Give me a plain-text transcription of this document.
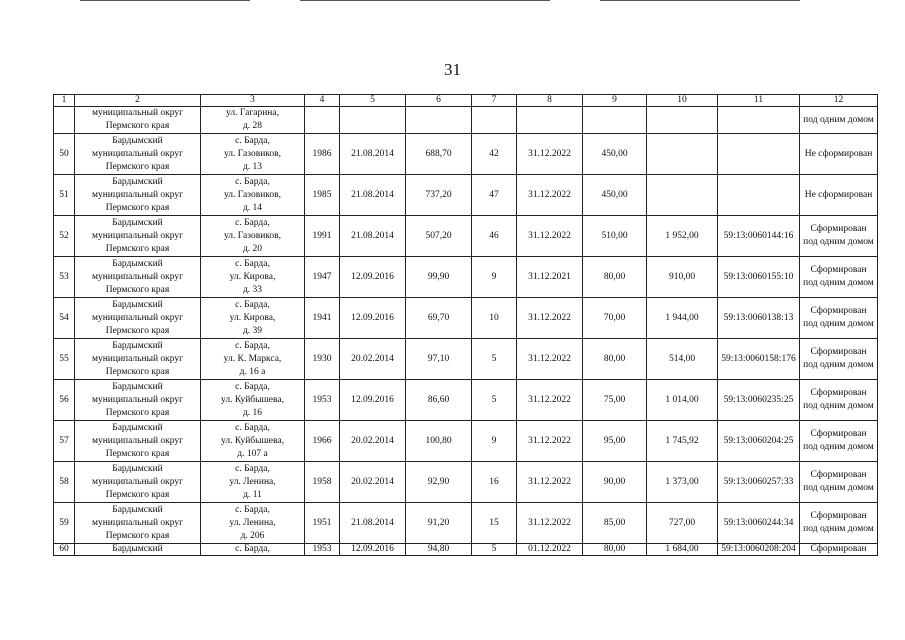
31
1	2	3	4	5	6	7	8	9	10	11	12

	муниципальный округ
Пермского края	ул. Гагарина,
д. 28									под одним домом

50	Бардымский
муниципальный округ
Пермского края	с. Барда,
ул. Газовиков,
д. 13	1986	21.08.2014	688,70	42	31.12.2022	450,00			Не сформирован

51	Бардымский
муниципальный округ
Пермского края	с. Барда,
ул. Газовиков,
д. 14	1985	21.08.2014	737,20	47	31.12.2022	450,00			Не сформирован

52	Бардымский
муниципальный округ
Пермского края	с. Барда,
ул. Газовиков,
д. 20	1991	21.08.2014	507,20	46	31.12.2022	510,00	1 952,00	59:13:0060144:16	Сформирован
под одним домом

53	Бардымский
муниципальный округ
Пермского края	с. Барда,
ул. Кирова,
д. 33	1947	12.09.2016	99,90	9	31.12.2021	80,00	910,00	59:13:0060155:10	Сформирован
под одним домом

54	Бардымский
муниципальный округ
Пермского края	с. Барда,
ул. Кирова,
д. 39	1941	12.09.2016	69,70	10	31.12.2022	70,00	1 944,00	59:13:0060138:13	Сформирован
под одним домом

55	Бардымский
муниципальный округ
Пермского края	с. Барда,
ул. К. Маркса,
д. 16 а	1930	20.02.2014	97,10	5	31.12.2022	80,00	514,00	59:13:0060158:176	Сформирован
под одним домом

56	Бардымский
муниципальный округ
Пермского края	с. Барда,
ул. Куйбышева,
д. 16	1953	12.09.2016	86,60	5	31.12.2022	75,00	1 014,00	59:13:0060235:25	Сформирован
под одним домом

57	Бардымский
муниципальный округ
Пермского края	с. Барда,
ул. Куйбышева,
д. 107 а	1966	20.02.2014	100,80	9	31.12.2022	95,00	1 745,92	59:13:0060204:25	Сформирован
под одним домом

58	Бардымский
муниципальный округ
Пермского края	с. Барда,
ул. Ленина,
д. 11	1958	20.02.2014	92,90	16	31.12.2022	90,00	1 373,00	59:13:0060257:33	Сформирован
под одним домом

59	Бардымский
муниципальный округ
Пермского края	с. Барда,
ул. Ленина,
д. 206	1951	21.08.2014	91,20	15	31.12.2022	85,00	727,00	59:13:0060244:34	Сформирован
под одним домом

60	Бардымский	с. Барда,	1953	12.09.2016	94,80	5	01.12.2022	80,00	1 684,00	59:13:0060208:204	Сформирован
